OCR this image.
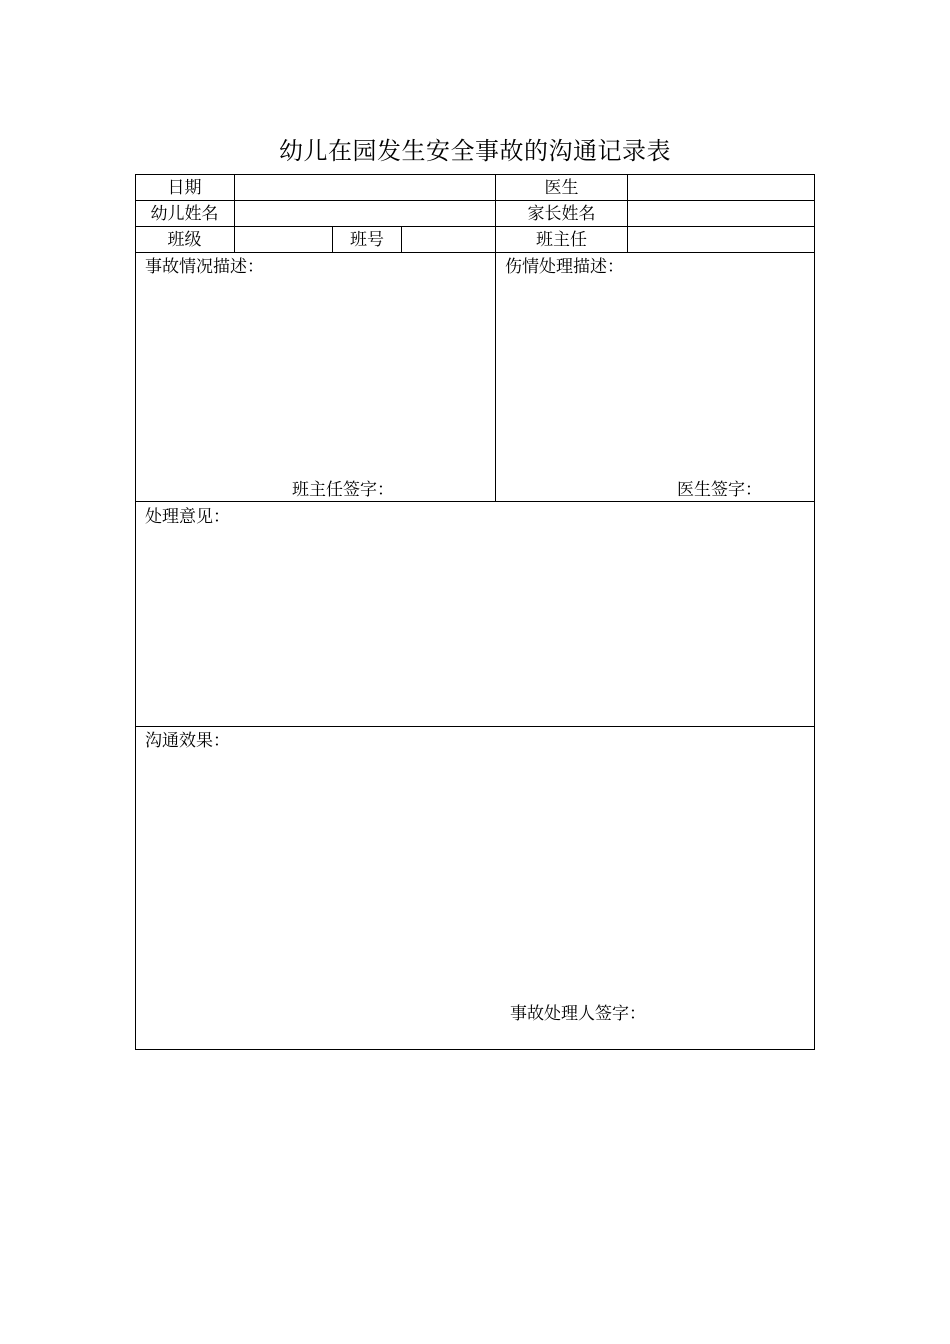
幼儿在园发生安全事故的沟通记录表
日期	医生
幼儿姓名	家长姓名
班级	班号	班主任
事故情况描述：
班主任签字：
伤情处理描述：
医生签字：
处理意见：
沟通效果：
事故处理人签字：
